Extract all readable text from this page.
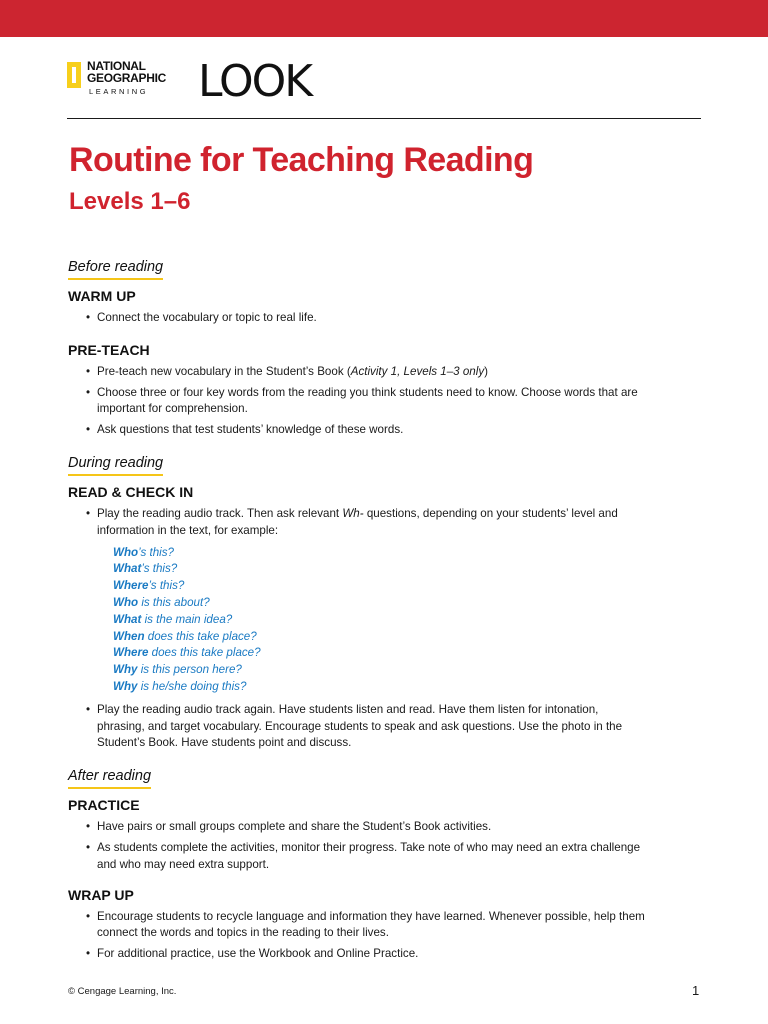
NATIONAL
GEOGRAPHIC
LEARNING	LOOK
Routine for Teaching Reading
Levels 1–6
Before reading
WARM UP
• Connect the vocabulary or topic to real life.
PRE-TEACH
• Pre-teach new vocabulary in the Student’s Book (Activity 1, Levels 1–3 only)
• Choose three or four key words from the reading you think students need to know. Choose words that are important for comprehension.
• Ask questions that test students’ knowledge of these words.
During reading
READ & CHECK IN
• Play the reading audio track. Then ask relevant Wh- questions, depending on your students’ level and information in the text, for example:
Who’s this?
What’s this?
Where’s this?
Who is this about?
What is the main idea?
When does this take place?
Where does this take place?
Why is this person here?
Why is he/she doing this?
• Play the reading audio track again. Have students listen and read. Have them listen for intonation, phrasing, and target vocabulary. Encourage students to speak and ask questions. Use the photo in the Student’s Book. Have students point and discuss.
After reading
PRACTICE
• Have pairs or small groups complete and share the Student’s Book activities.
• As students complete the activities, monitor their progress. Take note of who may need an extra challenge and who may need extra support.
WRAP UP
• Encourage students to recycle language and information they have learned. Whenever possible, help them connect the words and topics in the reading to their lives.
• For additional practice, use the Workbook and Online Practice.
© Cengage Learning, Inc.	1
